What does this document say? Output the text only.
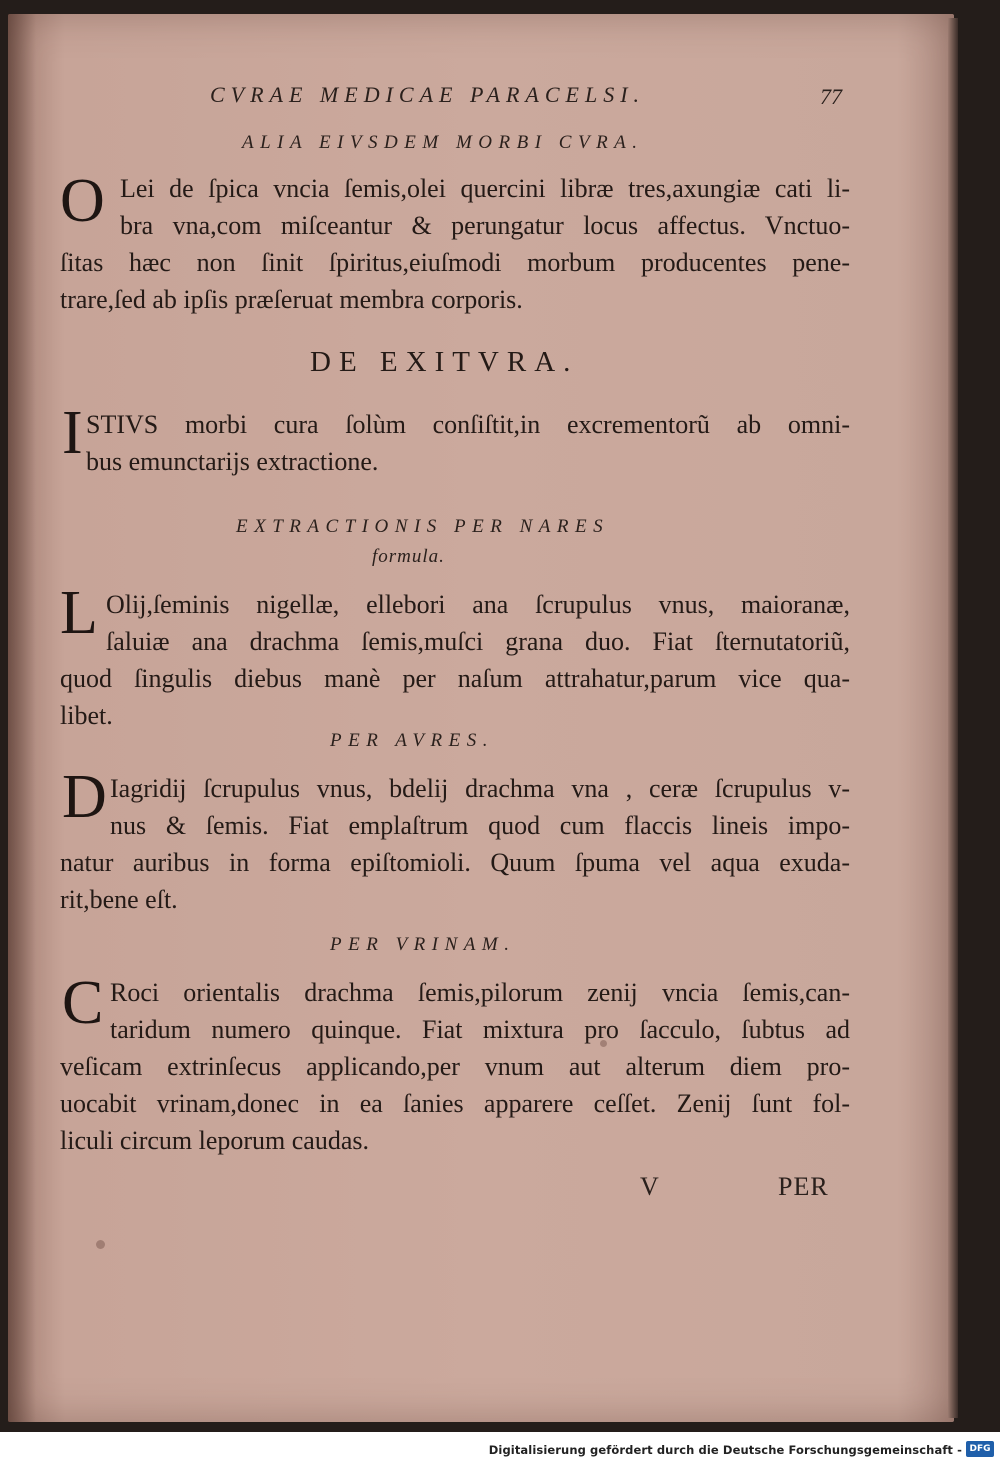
CVRAE MEDICAE PARACELSI.	77
ALIA EIVSDEM MORBI CVRA.
O Lei de ſpica vncia ſemis,olei quercini libræ tres,axungiæ cati li-
bra vna,com miſceantur & perungatur locus affectus. Vnctuo-
ſitas hæc non ſinit ſpiritus,eiuſmodi morbum producentes pene-
trare,ſed ab ipſis præſeruat membra corporis.
DE EXITVRA.
I STIVS morbi cura ſolùm conſiſtit,in excrementorũ ab omni-
bus emunctarijs extractione.
EXTRACTIONIS PER NARES
formula.
L Olij,ſeminis nigellæ, ellebori ana ſcrupulus vnus, maioranæ,
ſaluiæ ana drachma ſemis,muſci grana duo. Fiat ſternutatoriũ,
quod ſingulis diebus manè per naſum attrahatur,parum vice qua-
libet.
PER AVRES.
D Iagridij ſcrupulus vnus, bdelij drachma vna , ceræ ſcrupulus v-
nus & ſemis. Fiat emplaſtrum quod cum flaccis lineis impo-
natur auribus in forma epiſtomioli. Quum ſpuma vel aqua exuda-
rit,bene eſt.
PER VRINAM.
C Roci orientalis drachma ſemis,pilorum zenij vncia ſemis,can-
taridum numero quinque. Fiat mixtura pro ſacculo, ſubtus ad
veſicam extrinſecus applicando,per vnum aut alterum diem pro-
uocabit vrinam,donec in ea ſanies apparere ceſſet. Zenij ſunt fol-
liculi circum leporum caudas.
V	PER
Digitalisierung gefördert durch die Deutsche Forschungsgemeinschaft - DFG
